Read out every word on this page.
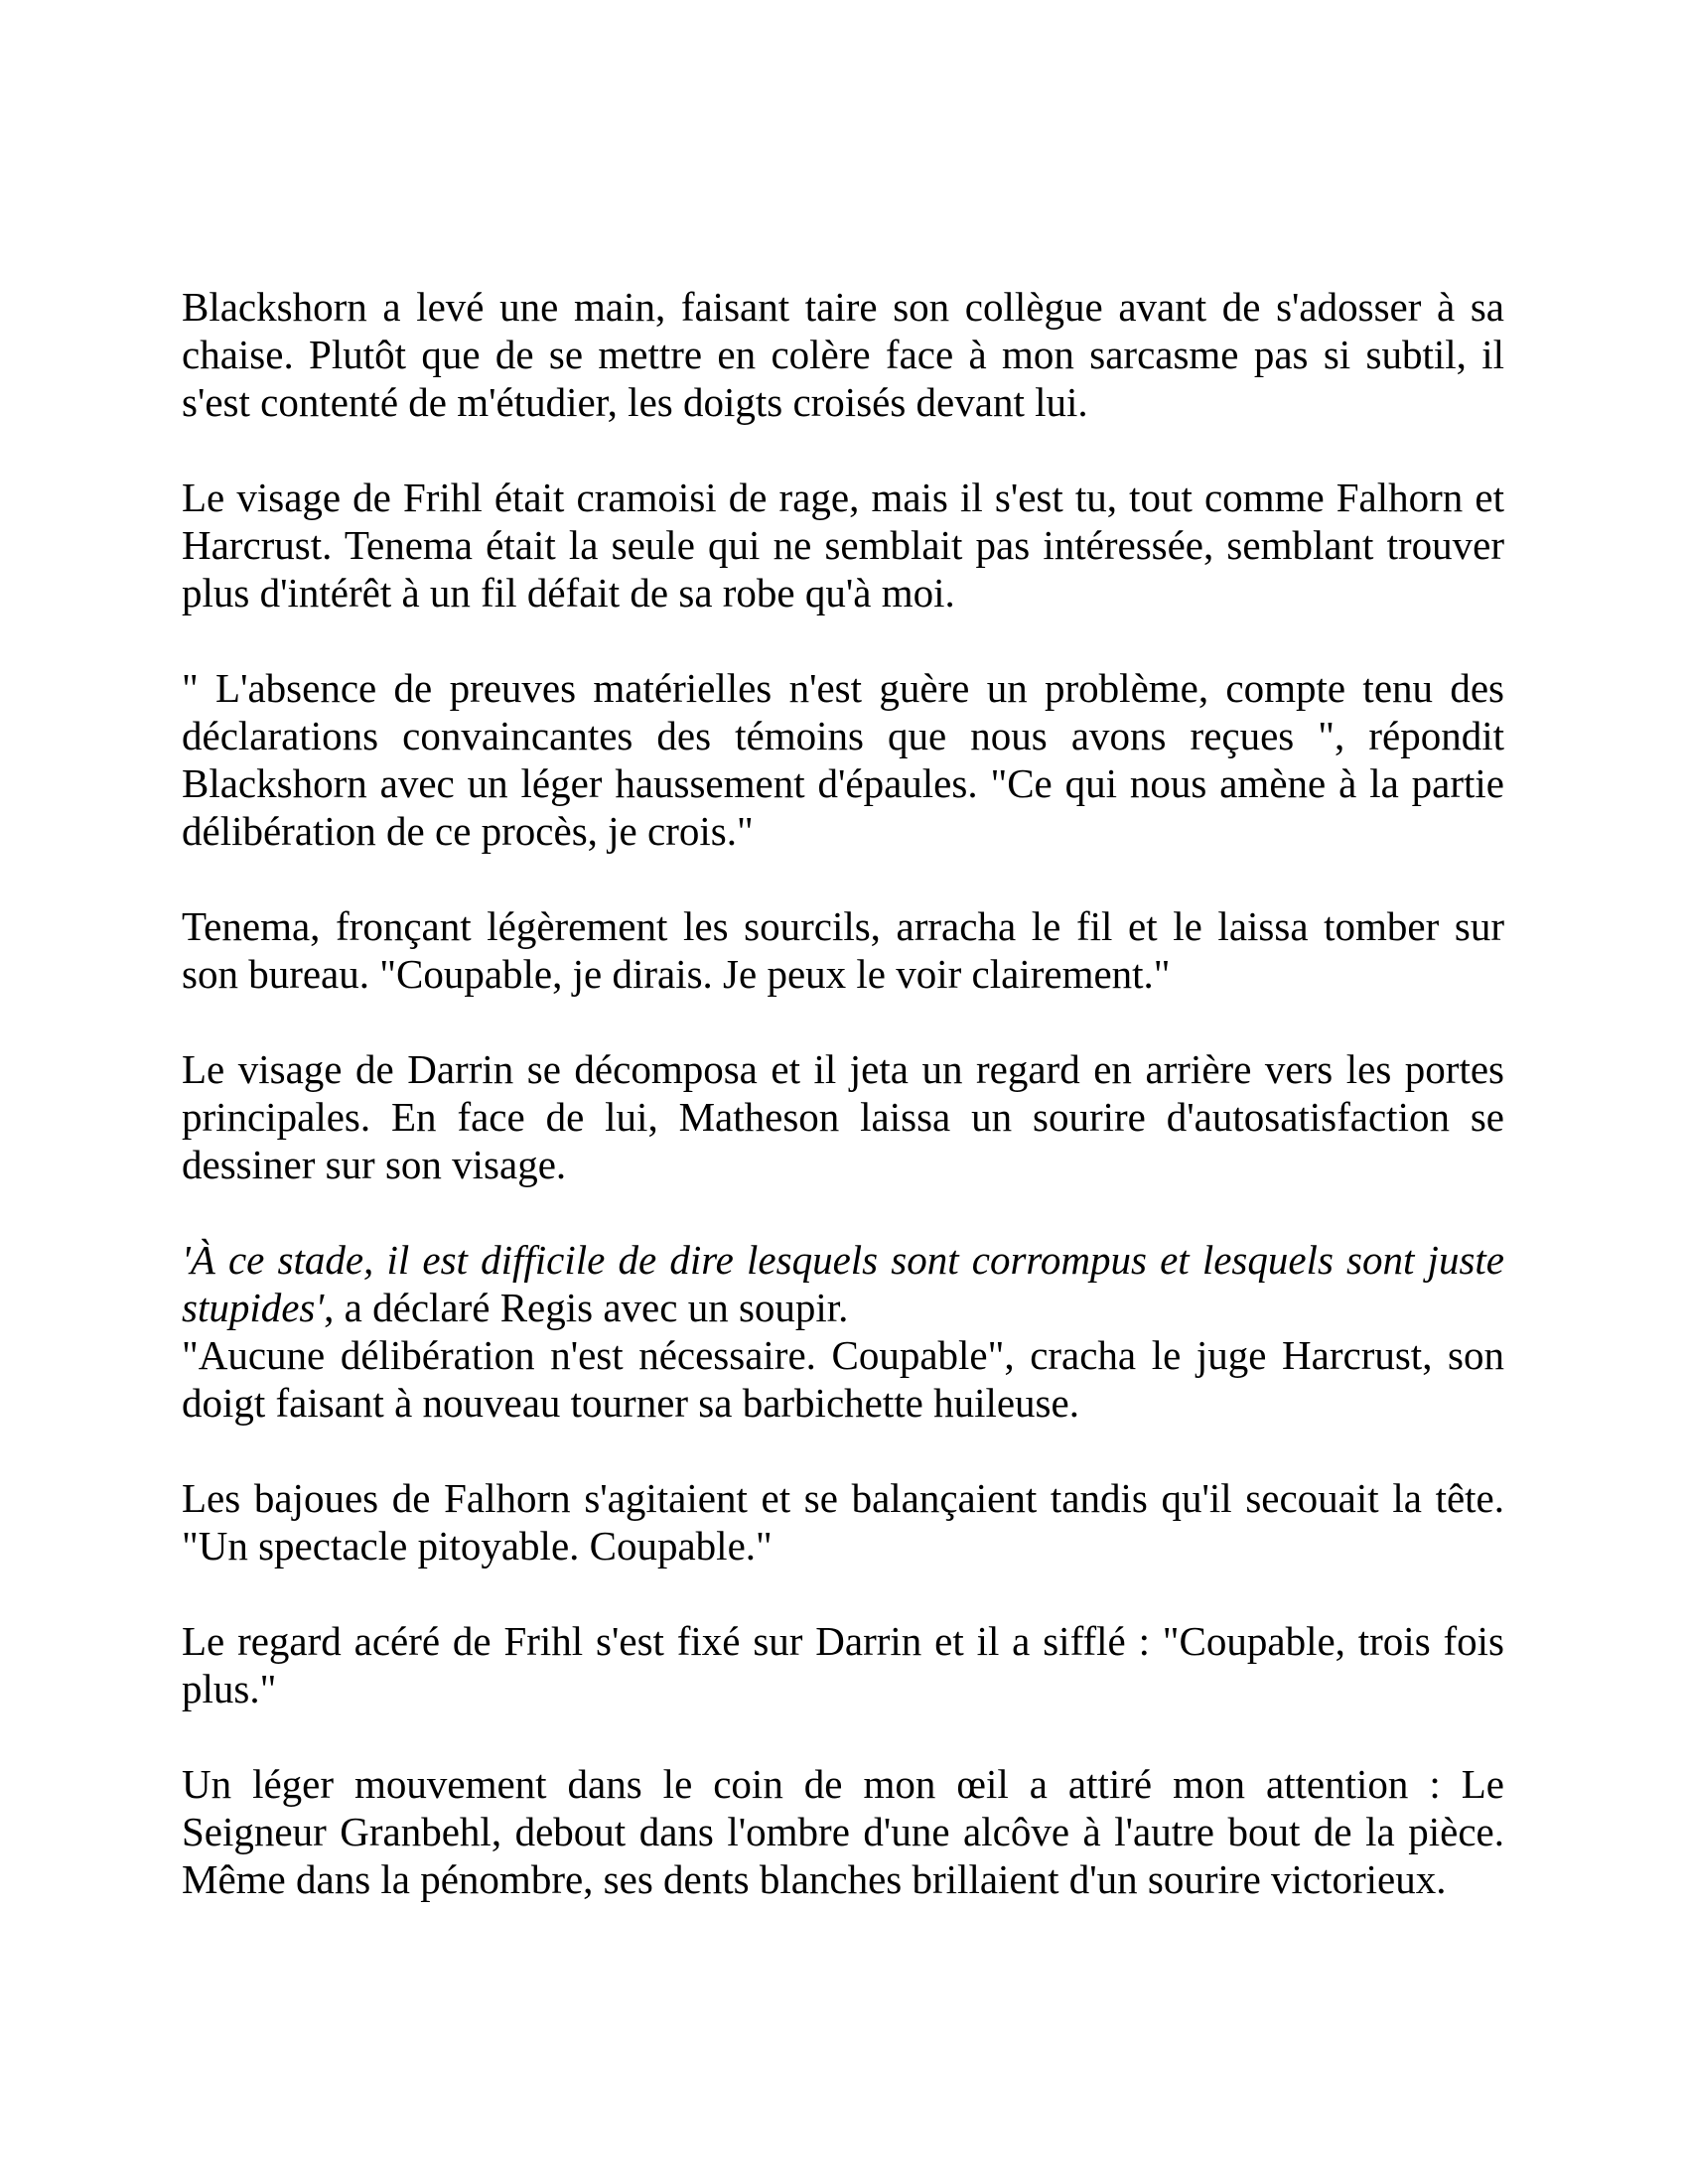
Blackshorn a levé une main, faisant taire son collègue avant de s'adosser à sa chaise. Plutôt que de se mettre en colère face à mon sarcasme pas si subtil, il s'est contenté de m'étudier, les doigts croisés devant lui.

Le visage de Frihl était cramoisi de rage, mais il s'est tu, tout comme Falhorn et Harcrust. Tenema était la seule qui ne semblait pas intéressée, semblant trouver plus d'intérêt à un fil défait de sa robe qu'à moi.

" L'absence de preuves matérielles n'est guère un problème, compte tenu des déclarations convaincantes des témoins que nous avons reçues ", répondit Blackshorn avec un léger haussement d'épaules. "Ce qui nous amène à la partie délibération de ce procès, je crois."

Tenema, fronçant légèrement les sourcils, arracha le fil et le laissa tomber sur son bureau. "Coupable, je dirais. Je peux le voir clairement."

Le visage de Darrin se décomposa et il jeta un regard en arrière vers les portes principales. En face de lui, Matheson laissa un sourire d'autosatisfaction se dessiner sur son visage.

'À ce stade, il est difficile de dire lesquels sont corrompus et lesquels sont juste stupides', a déclaré Regis avec un soupir.

"Aucune délibération n'est nécessaire. Coupable", cracha le juge Harcrust, son doigt faisant à nouveau tourner sa barbichette huileuse.

Les bajoues de Falhorn s'agitaient et se balançaient tandis qu'il secouait la tête. "Un spectacle pitoyable. Coupable."

Le regard acéré de Frihl s'est fixé sur Darrin et il a sifflé : "Coupable, trois fois plus."

Un léger mouvement dans le coin de mon œil a attiré mon attention : Le Seigneur Granbehl, debout dans l'ombre d'une alcôve à l'autre bout de la pièce. Même dans la pénombre, ses dents blanches brillaient d'un sourire victorieux.
